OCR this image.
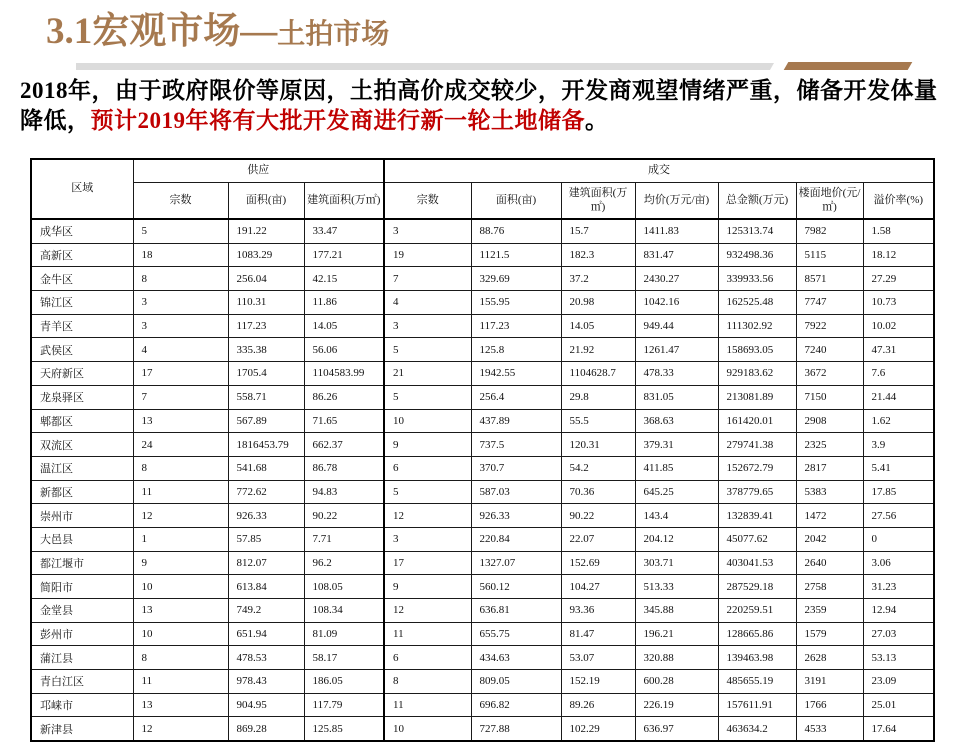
3.1宏观市场—土拍市场

2018年，由于政府限价等原因，土拍高价成交较少，开发商观望情绪严重，储备开发体量降低，预计2019年将有大批开发商进行新一轮土地储备。

区域	供应			成交						
	宗数	面积(亩)	建筑面积(万㎡)	宗数	面积(亩)	建筑面积(万㎡)	均价(万元/亩)	总金额(万元)	楼面地价(元/㎡)	溢价率(%)
成华区	5	191.22	33.47	3	88.76	15.7	1411.83	125313.74	7982	1.58
高新区	18	1083.29	177.21	19	1121.5	182.3	831.47	932498.36	5115	18.12
金牛区	8	256.04	42.15	7	329.69	37.2	2430.27	339933.56	8571	27.29
锦江区	3	110.31	11.86	4	155.95	20.98	1042.16	162525.48	7747	10.73
青羊区	3	117.23	14.05	3	117.23	14.05	949.44	111302.92	7922	10.02
武侯区	4	335.38	56.06	5	125.8	21.92	1261.47	158693.05	7240	47.31
天府新区	17	1705.4	1104583.99	21	1942.55	1104628.7	478.33	929183.62	3672	7.6
龙泉驿区	7	558.71	86.26	5	256.4	29.8	831.05	213081.89	7150	21.44
郫都区	13	567.89	71.65	10	437.89	55.5	368.63	161420.01	2908	1.62
双流区	24	1816453.79	662.37	9	737.5	120.31	379.31	279741.38	2325	3.9
温江区	8	541.68	86.78	6	370.7	54.2	411.85	152672.79	2817	5.41
新都区	11	772.62	94.83	5	587.03	70.36	645.25	378779.65	5383	17.85
崇州市	12	926.33	90.22	12	926.33	90.22	143.4	132839.41	1472	27.56
大邑县	1	57.85	7.71	3	220.84	22.07	204.12	45077.62	2042	0
都江堰市	9	812.07	96.2	17	1327.07	152.69	303.71	403041.53	2640	3.06
简阳市	10	613.84	108.05	9	560.12	104.27	513.33	287529.18	2758	31.23
金堂县	13	749.2	108.34	12	636.81	93.36	345.88	220259.51	2359	12.94
彭州市	10	651.94	81.09	11	655.75	81.47	196.21	128665.86	1579	27.03
蒲江县	8	478.53	58.17	6	434.63	53.07	320.88	139463.98	2628	53.13
青白江区	11	978.43	186.05	8	809.05	152.19	600.28	485655.19	3191	23.09
邛崃市	13	904.95	117.79	11	696.82	89.26	226.19	157611.91	1766	25.01
新津县	12	869.28	125.85	10	727.88	102.29	636.97	463634.2	4533	17.64
